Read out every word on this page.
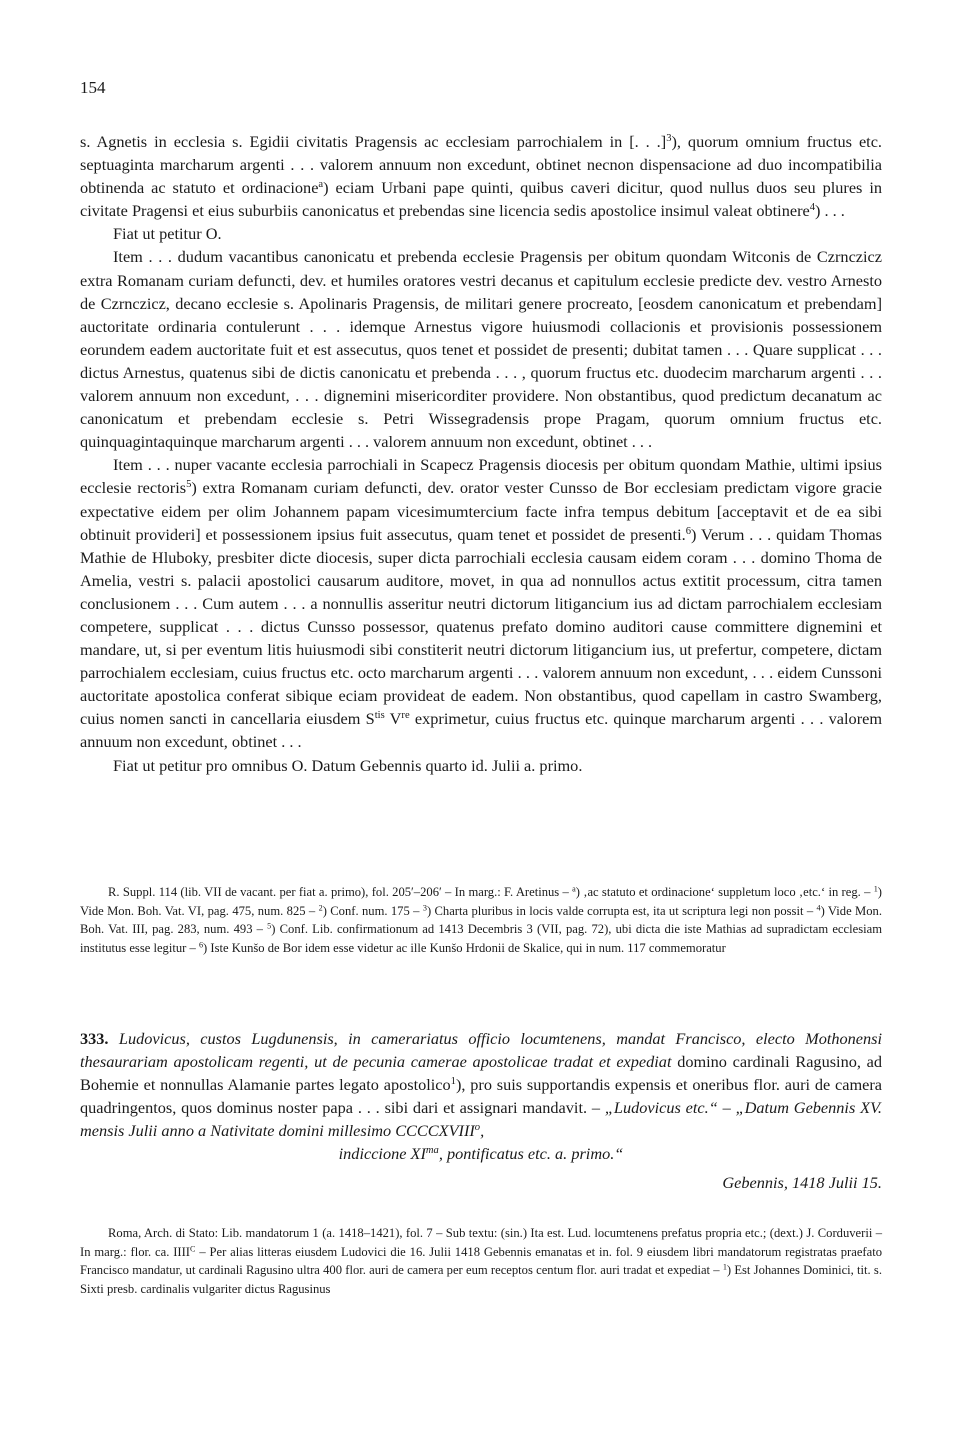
154

s. Agnetis in ecclesia s. Egidii civitatis Pragensis ac ecclesiam parrochialem in [. . .]$^3$), quorum omnium fructus etc. septuaginta marcharum argenti . . . valorem annuum non excedunt, obtinet necnon dispensacione ad duo incompatibilia obtinenda ac statuto et ordinacione$^a$) eciam Urbani pape quinti, quibus caveri dicitur, quod nullus duos seu plures in civitate Pragensi et eius suburbiis canonicatus et prebendas sine licencia sedis apostolice insimul valeat obtinere$^4$) . . .

Fiat ut petitur O.

Item . . . dudum vacantibus canonicatu et prebenda ecclesie Pragensis per obitum quondam Witconis de Czrnczicz extra Romanam curiam defuncti, dev. et humiles oratores vestri decanus et capitulum ecclesie predicte dev. vestro Arnesto de Czrnczicz, decano ecclesie s. Apolinaris Pragensis, de militari genere procreato, [eosdem canonicatum et prebendam] auctoritate ordinaria contulerunt . . . idemque Arnestus vigore huiusmodi collacionis et provisionis possessionem eorundem eadem auctoritate fuit et est assecutus, quos tenet et possidet de presenti; dubitat tamen . . . Quare supplicat . . . dictus Arnestus, quatenus sibi de dictis canonicatu et prebenda . . . , quorum fructus etc. duodecim marcharum argenti . . . valorem annuum non excedunt, . . . dignemini misericorditer providere. Non obstantibus, quod predictum decanatum ac canonicatum et prebendam ecclesie s. Petri Wissegradensis prope Pragam, quorum omnium fructus etc. quinquagintaquinque marcharum argenti . . . valorem annuum non excedunt, obtinet . . .

Item . . . nuper vacante ecclesia parrochiali in Scapecz Pragensis diocesis per obitum quondam Mathie, ultimi ipsius ecclesie rectoris$^5$) extra Romanam curiam defuncti, dev. orator vester Cunsso de Bor ecclesiam predictam vigore gracie expectative eidem per olim Johannem papam vicesimumtercium facte infra tempus debitum [acceptavit et de ea sibi obtinuit provideri] et possessionem ipsius fuit assecutus, quam tenet et possidet de presenti.$^6$) Verum . . . quidam Thomas Mathie de Hluboky, presbiter dicte diocesis, super dicta parrochiali ecclesia causam eidem coram . . . domino Thoma de Amelia, vestri s. palacii apostolici causarum auditore, movet, in qua ad nonnullos actus extitit processum, citra tamen conclusionem . . . Cum autem . . . a nonnullis asseritur neutri dictorum litigancium ius ad dictam parrochialem ecclesiam competere, supplicat . . . dictus Cunsso possessor, quatenus prefato domino auditori cause committere dignemini et mandare, ut, si per eventum litis huiusmodi sibi constiterit neutri dictorum litigancium ius, ut prefertur, competere, dictam parrochialem ecclesiam, cuius fructus etc. octo marcharum argenti . . . valorem annuum non excedunt, . . . eidem Cunssoni auctoritate apostolica conferat sibique eciam provideat de eadem. Non obstantibus, quod capellam in castro Swamberg, cuius nomen sancti in cancellaria eiusdem $S^{tis}$ Vre exprimetur, cuius fructus etc. quinque marcharum argenti . . . valorem annuum non excedunt, obtinet . . .

Fiat ut petitur pro omnibus O. Datum Gebennis quarto id. Julii a. primo.

R. Suppl. 114 (lib. VII de vacant. per fiat a. primo), fol. 205′–206′ – In marg.: F. Aretinus – $^a$) ‚ac statuto et ordinacione‘ suppletum loco ‚etc.‘ in reg. – $^1$) Vide Mon. Boh. Vat. VI, pag. 475, num. 825 – $^2$) Conf. num. 175 – $^3$) Charta pluribus in locis valde corrupta est, ita ut scriptura legi non possit – $^4$) Vide Mon. Boh. Vat. III, pag. 283, num. 493 – $^5$) Conf. Lib. confirmationum ad 1413 Decembris 3 (VII, pag. 72), ubi dicta die iste Mathias ad supradictam ecclesiam institutus esse legitur – $^6$) Iste Kunšo de Bor idem esse videtur ac ille Kunšo Hrdonii de Skalice, qui in num. 117 commemoratur

333. Ludovicus, custos Lugdunensis, in camerariatus officio locumtenens, mandat Francisco, electo Mothonensi thesaurariam apostolicam regenti, ut de pecunia camerae apostolicae tradat et expediat domino cardinali Ragusino, ad Bohemie et nonnullas Alamanie partes legato apostolico$^1$), pro suis supportandis expensis et oneribus flor. auri de camera quadringentos, quos dominus noster papa . . . sibi dari et assignari mandavit. – „Ludovicus etc.“ – „Datum Gebennis XV. mensis Julii anno a Nativitate domini millesimo CCCCXVIII$^o$,

indiccione $XI^{ma}$, pontificatus etc. a. primo.“

Gebennis, 1418 Julii 15.

Roma, Arch. di Stato: Lib. mandatorum 1 (a. 1418–1421), fol. 7 – Sub textu: (sin.) Ita est. Lud. locumtenens prefatus propria etc.; (dext.) J. Corduverii – In marg.: flor. ca. $IIII^C$ – Per alias litteras eiusdem Ludovici die 16. Julii 1418 Gebennis emanatas et in. fol. 9 eiusdem libri mandatorum registratas praefato Francisco mandatur, ut cardinali Ragusino ultra 400 flor. auri de camera per eum receptos centum flor. auri tradat et expediat – $^1$) Est Johannes Dominici, tit. s. Sixti presb. cardinalis vulgariter dictus Ragusinus
